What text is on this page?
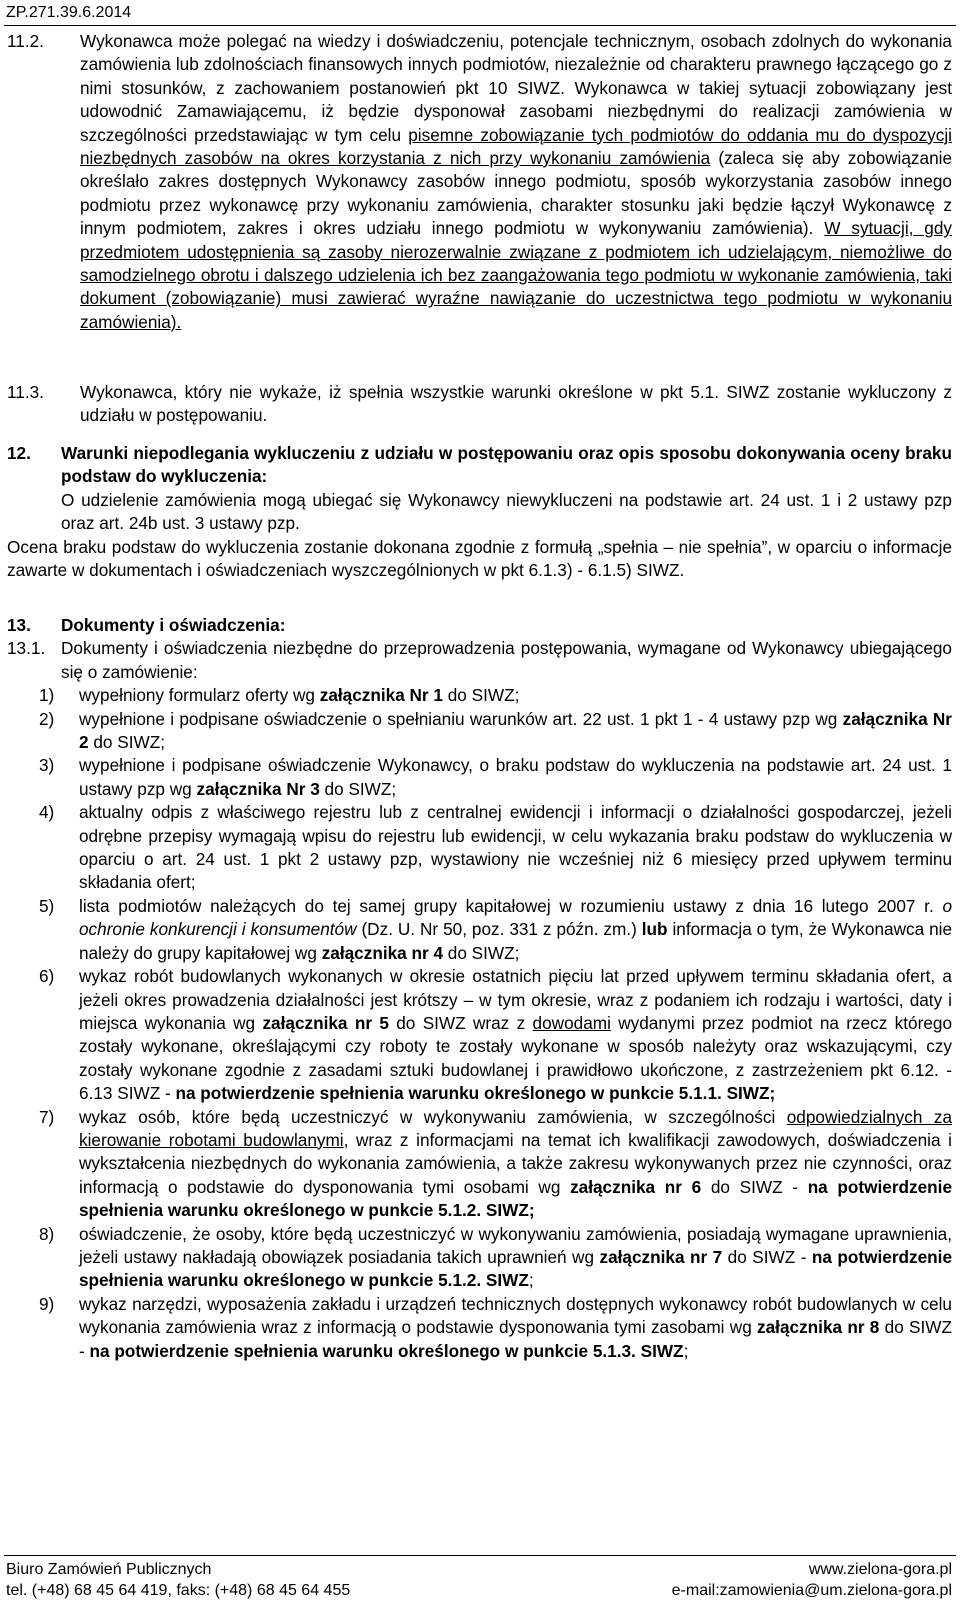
ZP.271.39.6.2014
11.2.	Wykonawca może polegać na wiedzy i doświadczeniu, potencjale technicznym, osobach zdolnych do wykonania zamówienia lub zdolnościach finansowych innych podmiotów, niezależnie od charakteru prawnego łączącego go z nimi stosunków, z zachowaniem postanowień pkt 10 SIWZ. Wykonawca w takiej sytuacji zobowiązany jest udowodnić Zamawiającemu, iż będzie dysponował zasobami niezbędnymi do realizacji zamówienia w szczególności przedstawiając w tym celu pisemne zobowiązanie tych podmiotów do oddania mu do dyspozycji niezbędnych zasobów na okres korzystania z nich przy wykonaniu zamówienia (zaleca się aby zobowiązanie określało zakres dostępnych Wykonawcy zasobów innego podmiotu, sposób wykorzystania zasobów innego podmiotu przez wykonawcę przy wykonaniu zamówienia, charakter stosunku jaki będzie łączył Wykonawcę z innym podmiotem, zakres i okres udziału innego podmiotu w wykonywaniu zamówienia). W sytuacji, gdy przedmiotem udostępnienia są zasoby nierozerwalnie związane z podmiotem ich udzielającym, niemożliwe do samodzielnego obrotu i dalszego udzielenia ich bez zaangażowania tego podmiotu w wykonanie zamówienia, taki dokument (zobowiązanie) musi zawierać wyraźne nawiązanie do uczestnictwa tego podmiotu w wykonaniu zamówienia).
11.3.	Wykonawca, który nie wykaże, iż spełnia wszystkie warunki określone w pkt 5.1. SIWZ zostanie wykluczony z udziału w postępowaniu.
12.	Warunki niepodlegania wykluczeniu z udziału w postępowaniu oraz opis sposobu dokonywania oceny braku podstaw do wykluczenia:
O udzielenie zamówienia mogą ubiegać się Wykonawcy niewykluczeni na podstawie art. 24 ust. 1 i 2 ustawy pzp oraz art. 24b ust. 3 ustawy pzp.
Ocena braku podstaw do wykluczenia zostanie dokonana zgodnie z formułą „spełnia – nie spełnia”, w oparciu o informacje zawarte w dokumentach i oświadczeniach wyszczególnionych w pkt 6.1.3) - 6.1.5) SIWZ.
13.	Dokumenty i oświadczenia:
13.1. Dokumenty i oświadczenia niezbędne do przeprowadzenia postępowania, wymagane od Wykonawcy ubiegającego się o zamówienie:
1) wypełniony formularz oferty wg załącznika Nr 1 do SIWZ;
2) wypełnione i podpisane oświadczenie o spełnianiu warunków art. 22 ust. 1 pkt 1 - 4 ustawy pzp wg załącznika Nr 2 do SIWZ;
3) wypełnione i podpisane oświadczenie Wykonawcy, o braku podstaw do wykluczenia na podstawie art. 24 ust. 1 ustawy pzp wg załącznika Nr 3 do SIWZ;
4) aktualny odpis z właściwego rejestru lub z centralnej ewidencji i informacji o działalności gospodarczej, jeżeli odrębne przepisy wymagają wpisu do rejestru lub ewidencji, w celu wykazania braku podstaw do wykluczenia w oparciu o art. 24 ust. 1 pkt 2 ustawy pzp, wystawiony nie wcześniej niż 6 miesięcy przed upływem terminu składania ofert;
5) lista podmiotów należących do tej samej grupy kapitałowej w rozumieniu ustawy z dnia 16 lutego 2007 r. o ochronie konkurencji i konsumentów (Dz. U. Nr 50, poz. 331 z późn. zm.) lub informacja o tym, że Wykonawca nie należy do grupy kapitałowej wg załącznika nr 4 do SIWZ;
6) wykaz robót budowlanych wykonanych w okresie ostatnich pięciu lat przed upływem terminu składania ofert, a jeżeli okres prowadzenia działalności jest krótszy – w tym okresie, wraz z podaniem ich rodzaju i wartości, daty i miejsca wykonania wg załącznika nr 5 do SIWZ wraz z dowodami wydanymi przez podmiot na rzecz którego zostały wykonane, określającymi czy roboty te zostały wykonane w sposób należyty oraz wskazującymi, czy zostały wykonane zgodnie z zasadami sztuki budowlanej i prawidłowo ukończone, z zastrzeżeniem pkt 6.12. - 6.13 SIWZ - na potwierdzenie spełnienia warunku określonego w punkcie 5.1.1. SIWZ;
7) wykaz osób, które będą uczestniczyć w wykonywaniu zamówienia, w szczególności odpowiedzialnych za kierowanie robotami budowlanymi, wraz z informacjami na temat ich kwalifikacji zawodowych, doświadczenia i wykształcenia niezbędnych do wykonania zamówienia, a także zakresu wykonywanych przez nie czynności, oraz informacją o podstawie do dysponowania tymi osobami wg załącznika nr 6 do SIWZ - na potwierdzenie spełnienia warunku określonego w punkcie 5.1.2. SIWZ;
8) oświadczenie, że osoby, które będą uczestniczyć w wykonywaniu zamówienia, posiadają wymagane uprawnienia, jeżeli ustawy nakładają obowiązek posiadania takich uprawnień wg załącznika nr 7 do SIWZ - na potwierdzenie spełnienia warunku określonego w punkcie 5.1.2. SIWZ;
9) wykaz narzędzi, wyposażenia zakładu i urządzeń technicznych dostępnych wykonawcy robót budowlanych w celu wykonania zamówienia wraz z informacją o podstawie dysponowania tymi zasobami wg załącznika nr 8 do SIWZ - na potwierdzenie spełnienia warunku określonego w punkcie 5.1.3. SIWZ;
Biuro Zamówień Publicznych	www.zielona-gora.pl
tel. (+48) 68 45 64 419, faks: (+48) 68 45 64 455	e-mail:zamowienia@um.zielona-gora.pl
